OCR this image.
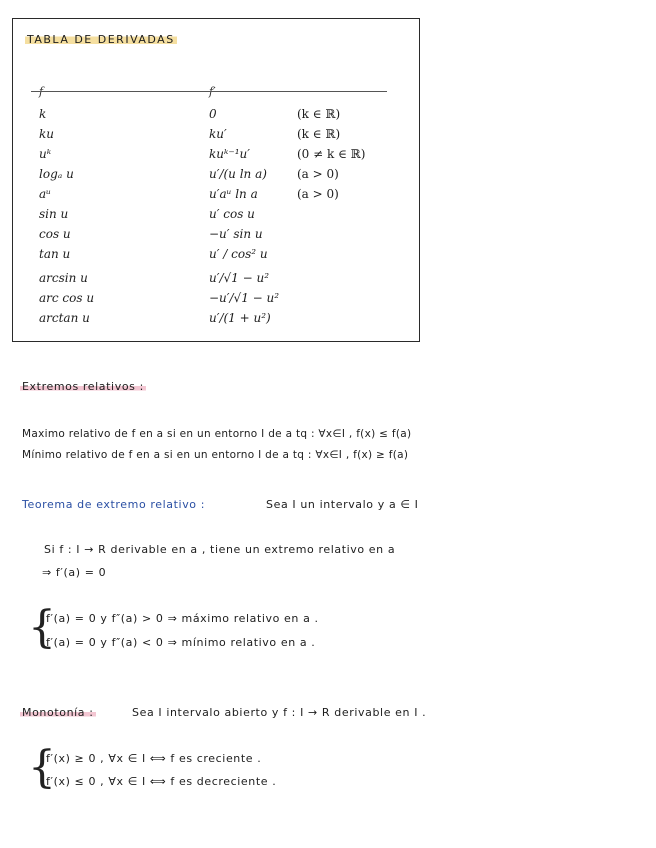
TABLA DE DERIVADAS
f	f′
k	0	(k ∈ ℝ)
ku	ku′	(k ∈ ℝ)
uᵏ	kuᵏ⁻¹u′	(0 ≠ k ∈ ℝ)
logₐ u	u′/(u ln a)	(a > 0)
aᵘ	u′aᵘ ln a	(a > 0)
sin u	u′ cos u
cos u	−u′ sin u
tan u	u′ / cos² u
arcsin u	u′/√1 − u²
arc cos u	−u′/√1 − u²
arctan u	u′/(1 + u²)
Extremos relativos :
Maximo relativo de f en a si en un entorno I de a tq : ∀x∈I , f(x) ≤ f(a)
Mínimo relativo de f en a si en un entorno I de a tq : ∀x∈I , f(x) ≥ f(a)
Teorema de extremo relativo :	Sea I un intervalo y a ∈ I
Si f : I → R derivable en a , tiene un extremo relativo en a
⇒ f′(a) = 0
{
f′(a) = 0 y f″(a) > 0 ⇒ máximo relativo en a .
f′(a) = 0 y f″(a) < 0 ⇒ mínimo relativo en a .
Monotonía :	Sea I intervalo abierto y f : I → R derivable en I .
{
f′(x) ≥ 0 , ∀x ∈ I ⟺ f es creciente .
f′(x) ≤ 0 , ∀x ∈ I ⟺ f es decreciente .
